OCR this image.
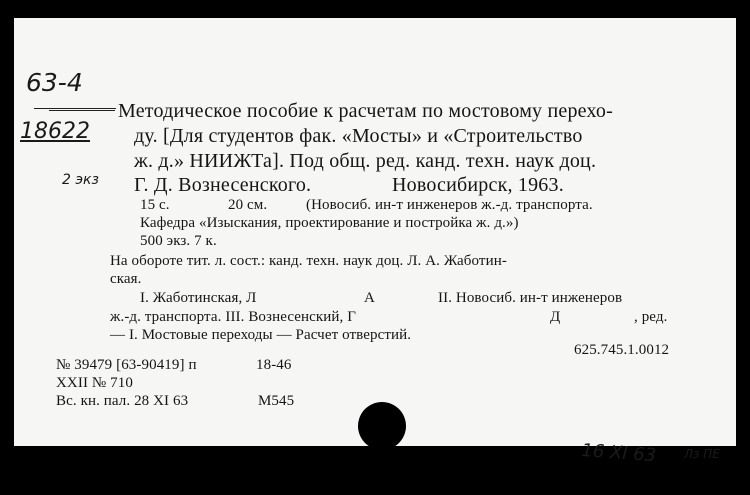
63-4
18622
2 экз
Методическое пособие к расчетам по мостовому перехо-
ду. [Для студентов фак. «Мосты» и «Строительство
ж. д.» НИИЖТа]. Под общ. ред. канд. техн. наук доц.
Г. Д. Вознесенского.	Новосибирск, 1963.
15 с.	20 см.	(Новосиб. ин-т инженеров ж.-д. транспорта.
Кафедра «Изыскания, проектирование и постройка ж. д.»)
500 экз. 7 к.
На обороте тит. л. сост.: канд. техн. наук доц. Л. А. Жаботин-
ская.
I. Жаботинская, Л	А	II. Новосиб. ин-т инженеров
ж.-д. транспорта. III. Вознесенский, Г	Д	, ред.
— I. Мостовые переходы — Расчет отверстий.
625.745.1.0012
№ 39479 [63-90419] п	18-46
XXII № 710
Вс. кн. пал. 28 XI 63	М545
16 XI 63 Лз ПЕ
